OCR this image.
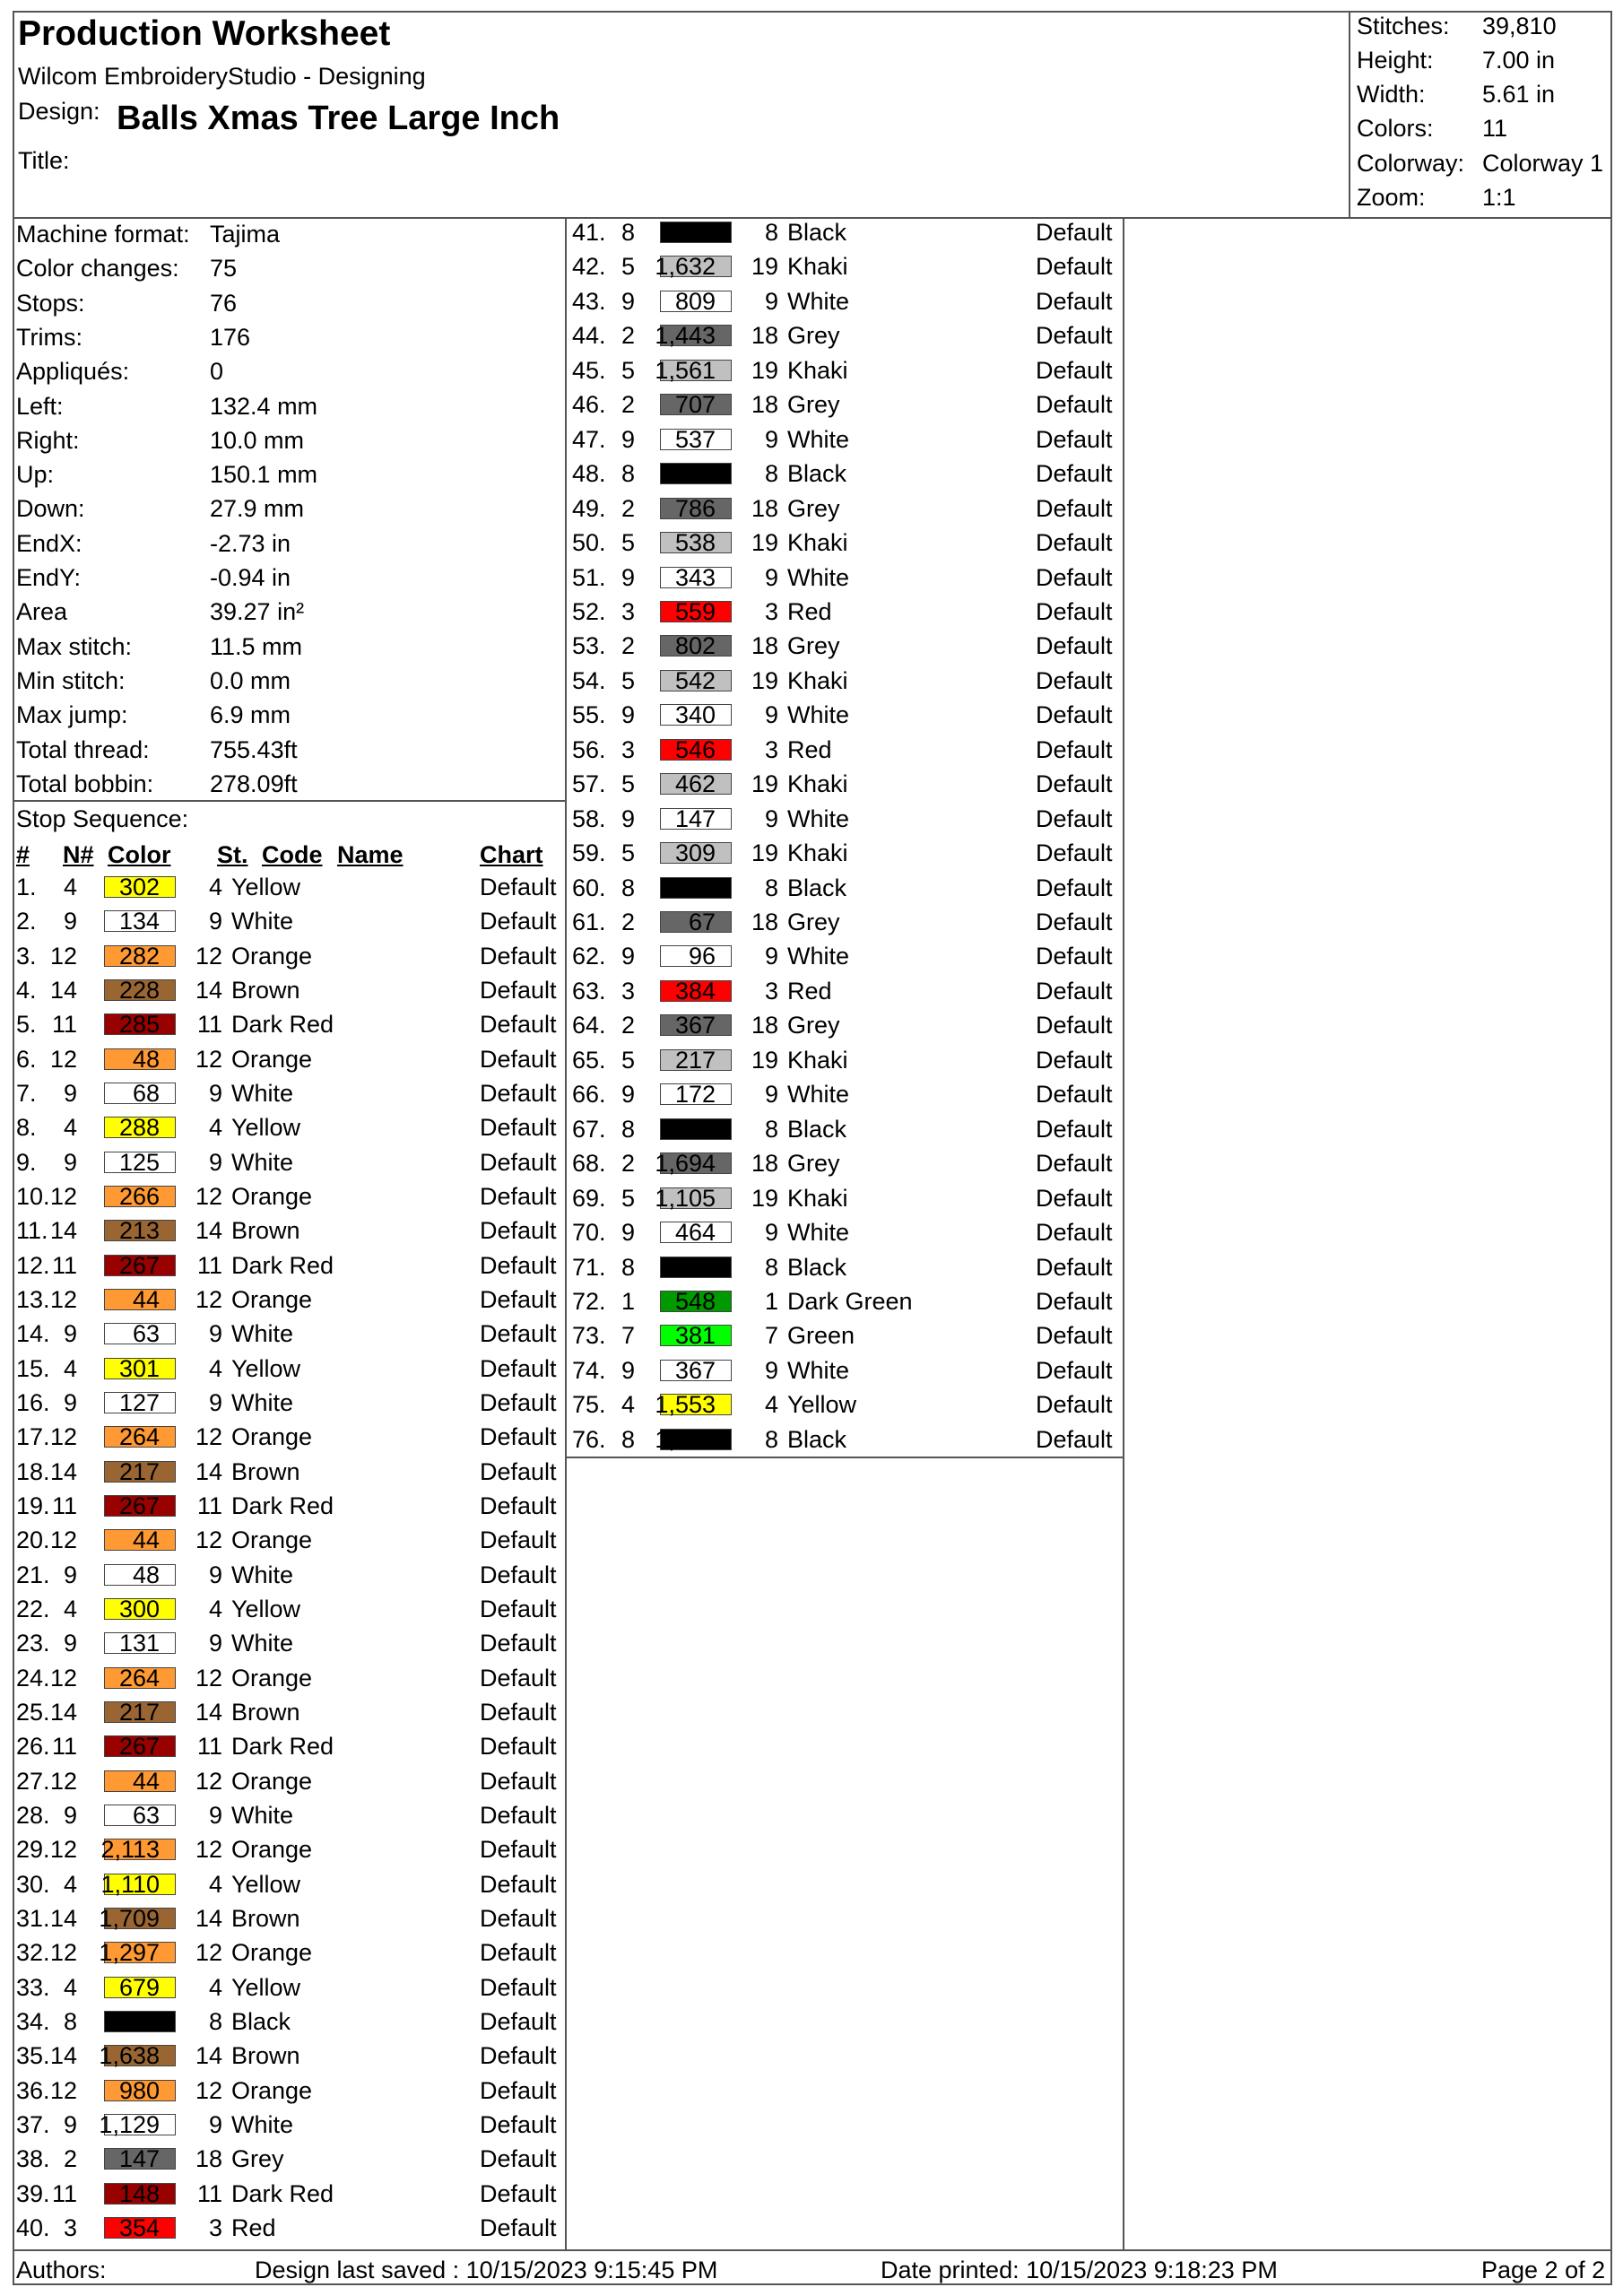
Production Worksheet
Wilcom EmbroideryStudio - Designing
Design: Balls Xmas Tree Large Inch
Title:
Stitches: 39,810
Height: 7.00 in
Width: 5.61 in
Colors: 11
Colorway: Colorway 1
Zoom: 1:1
Machine format: Tajima
Color changes: 75
Stops:	76
Trims:	176
Appliqués:	0
Left:	132.4 mm
Right:	10.0 mm
Up:	150.1 mm
Down:	27.9 mm
EndX:	-2.73 in
EndY:	-0.94 in
Area	39.27 in²
Max stitch:	11.5 mm
Min stitch:	0.0 mm
Max jump:	6.9 mm
Total thread: 755.43ft
Total bobbin: 278.09ft
Stop Sequence:
# N# Color St. Code Name	Chart
1.	4	302	4 Yellow	Default
2.	9	134	9 White	Default
3. 12	282	12 Orange	Default
4. 14	228	14 Brown	Default
5. 11	285	11 Dark Red	Default
6. 12	48	12 Orange	Default
7.	9	68	9 White	Default
8.	4	288	4 Yellow	Default
9.	9	125	9 White	Default
10. 12	266	12 Orange	Default
11. 14	213	14 Brown	Default
12. 11	267	11 Dark Red	Default
13. 12	44	12 Orange	Default
14. 9	63	9 White	Default
15. 4	301	4 Yellow	Default
16. 9	127	9 White	Default
17. 12	264	12 Orange	Default
18. 14	217	14 Brown	Default
19. 11	267	11 Dark Red	Default
20. 12	44	12 Orange	Default
21. 9	48	9 White	Default
22. 4	300	4 Yellow	Default
23. 9	131	9 White	Default
24. 12	264	12 Orange	Default
25. 14	217	14 Brown	Default
26. 11	267	11 Dark Red	Default
27. 12	44	12 Orange	Default
28. 9	63	9 White	Default
29. 12 2,113	12 Orange	Default
30. 4 1,110	4 Yellow	Default
31. 14 1,709	14 Brown	Default
32. 12 1,297	12 Orange	Default
33. 4	679	4 Yellow	Default
34. 8	845	8 Black	Default
35. 14 1,638	14 Brown	Default
36. 12	980	12 Orange	Default
37. 9 1,129	9 White	Default
38. 2	147	18 Grey	Default
39. 11	148	11 Dark Red	Default
40. 3	354	3 Red	Default
41. 8	111	8 Black	Default
42. 5 1,632	19 Khaki	Default
43. 9	809	9 White	Default
44. 2 1,443	18 Grey	Default
45. 5 1,561	19 Khaki	Default
46. 2	707	18 Grey	Default
47. 9	537	9 White	Default
48. 8	363	8 Black	Default
49. 2	786	18 Grey	Default
50. 5	538	19 Khaki	Default
51. 9	343	9 White	Default
52. 3	559	3 Red	Default
53. 2	802	18 Grey	Default
54. 5	542	19 Khaki	Default
55. 9	340	9 White	Default
56. 3	546	3 Red	Default
57. 5	462	19 Khaki	Default
58. 9	147	9 White	Default
59. 5	309	19 Khaki	Default
60. 8	176	8 Black	Default
61. 2	67	18 Grey	Default
62. 9	96	9 White	Default
63. 3	384	3 Red	Default
64. 2	367	18 Grey	Default
65. 5	217	19 Khaki	Default
66. 9	172	9 White	Default
67. 8	80	8 Black	Default
68. 2 1,694	18 Grey	Default
69. 5 1,105	19 Khaki	Default
70. 9	464	9 White	Default
71. 8	815	8 Black	Default
72. 1	548	1 Dark Green	Default
73. 7	381	7 Green	Default
74. 9	367	9 White	Default
75. 4 1,553	4 Yellow	Default
76. 8 1,469	8 Black	Default
Authors:	Design last saved : 10/15/2023 9:15:45 PM	Date printed: 10/15/2023 9:18:23 PM	Page 2 of 2
